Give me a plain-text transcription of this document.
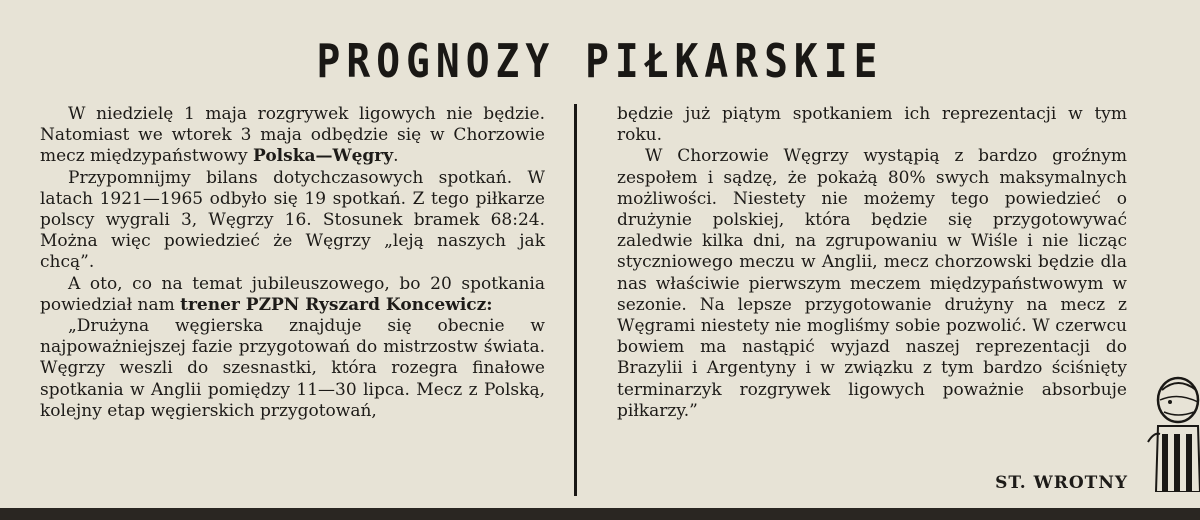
PROGNOZY PIŁKARSKIE

W niedzielę 1 maja rozgrywek ligowych nie będzie. Natomiast we wtorek 3 maja odbędzie się w Chorzowie mecz międzypaństwowy Polska—Węgry.

Przypomnijmy bilans dotychczasowych spotkań. W latach 1921—1965 odbyło się 19 spotkań. Z tego piłkarze polscy wygrali 3, Węgrzy 16. Stosunek bramek 68:24. Można więc powiedzieć że Węgrzy „leją naszych jak chcą”.

A oto, co na temat jubileuszowego, bo 20 spotkania powiedział nam trener PZPN Ryszard Koncewicz:

„Drużyna węgierska znajduje się obecnie w najpoważniejszej fazie przygotowań do mistrzostw świata. Węgrzy weszli do szesnastki, która rozegra finałowe spotkania w Anglii pomiędzy 11—30 lipca. Mecz z Polską, kolejny etap węgierskich przygotowań,

będzie już piątym spotkaniem ich reprezentacji w tym roku.

W Chorzowie Węgrzy wystąpią z bardzo groźnym zespołem i sądzę, że pokażą 80% swych maksymalnych możliwości. Niestety nie możemy tego powiedzieć o drużynie polskiej, która będzie się przygotowywać zaledwie kilka dni, na zgrupowaniu w Wiśle i nie licząc styczniowego meczu w Anglii, mecz chorzowski będzie dla nas właściwie pierwszym meczem międzypaństwowym w sezonie. Na lepsze przygotowanie drużyny na mecz z Węgrami niestety nie mogliśmy sobie pozwolić. W czerwcu bowiem ma nastąpić wyjazd naszej reprezentacji do Brazylii i Argentyny i w związku z tym bardzo ściśnięty terminarzyk rozgrywek ligowych poważnie absorbuje piłkarzy.”

ST. WROTNY
